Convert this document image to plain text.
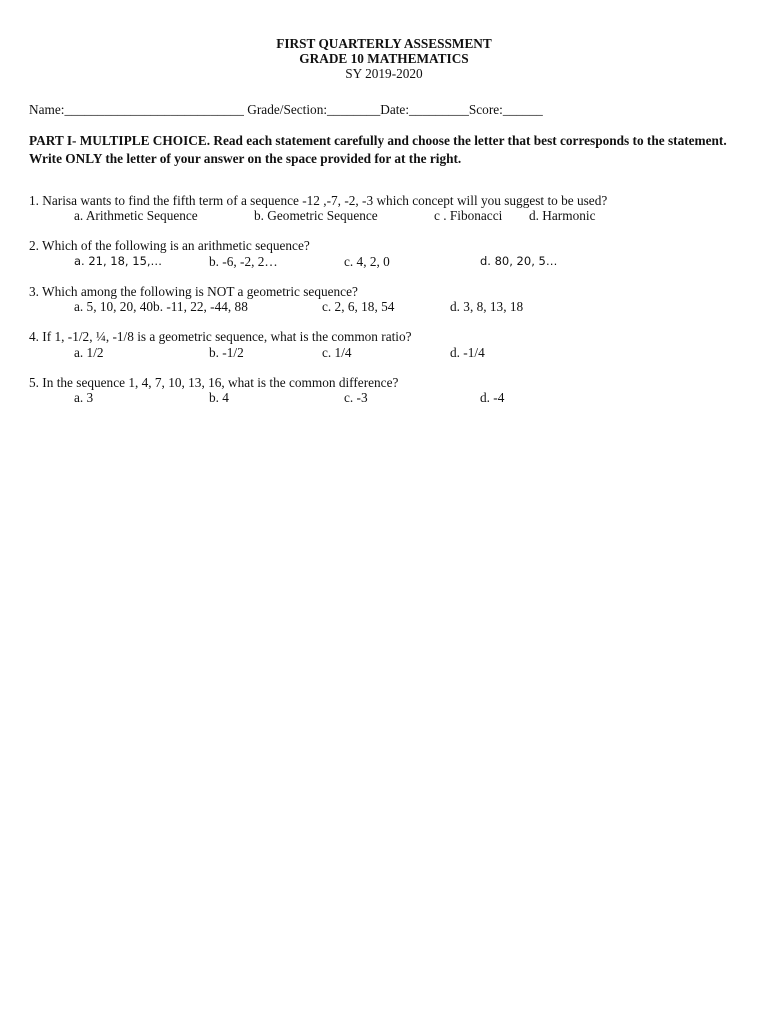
FIRST QUARTERLY ASSESSMENT
GRADE 10 MATHEMATICS
SY 2019-2020
Name:___________________________ Grade/Section:________Date:_________Score:______
PART I- MULTIPLE CHOICE. Read each statement carefully and choose the letter that best corresponds to the statement. Write ONLY the letter of your answer on the space provided for at the right.
1. Narisa wants to find the fifth term of a sequence -12 ,-7, -2, -3 which concept will you suggest to be used?
a. Arithmetic Sequence	b. Geometric Sequence	c . Fibonacci d. Harmonic
2. Which of the following is an arithmetic sequence?
a. 21, 18, 15,…	b. -6, -2, 2…	c. 4, 2, 0	d. 80, 20, 5…
3. Which among the following is NOT a geometric sequence?
a. 5, 10, 20, 40b. -11, 22, -44, 88	c. 2, 6, 18, 54	d. 3, 8, 13, 18
4. If 1, -1/2, ¼, -1/8 is a geometric sequence, what is the common ratio?
a. 1/2	b. -1/2	c. 1/4	d. -1/4
5. In the sequence 1, 4, 7, 10, 13, 16, what is the common difference?
a. 3	b. 4	c. -3	d. -4
